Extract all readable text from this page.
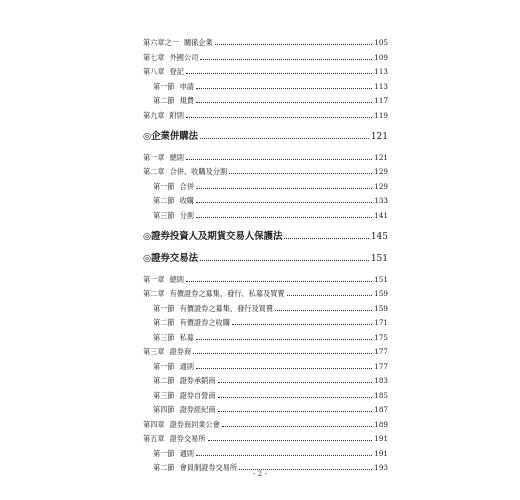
第六章之一 關係企業	105
第七章 外國公司	109
第八章 登記	113
第一節 申請	113
第二節 規費	117
第九章 附則	119
◎企業併購法	121
第一章 總則	121
第二章 合併、收購及分割	129
第一節 合併	129
第二節 收購	133
第三節 分割	141
◎證券投資人及期貨交易人保護法	145
◎證券交易法	151
第一章 總則	151
第二章 有價證券之募集、發行、私募及買賣	159
第一節 有價證券之募集、發行及買賣	159
第二節 有價證券之收購	171
第三節 私募	175
第三章 證券商	177
第一節 通則	177
第二節 證券承銷商	183
第三節 證券自營商	185
第四節 證券經紀商	187
第四章 證券商同業公會	189
第五章 證券交易所	191
第一節 通則	191
第二節 會員制證券交易所	193
- 2 -
